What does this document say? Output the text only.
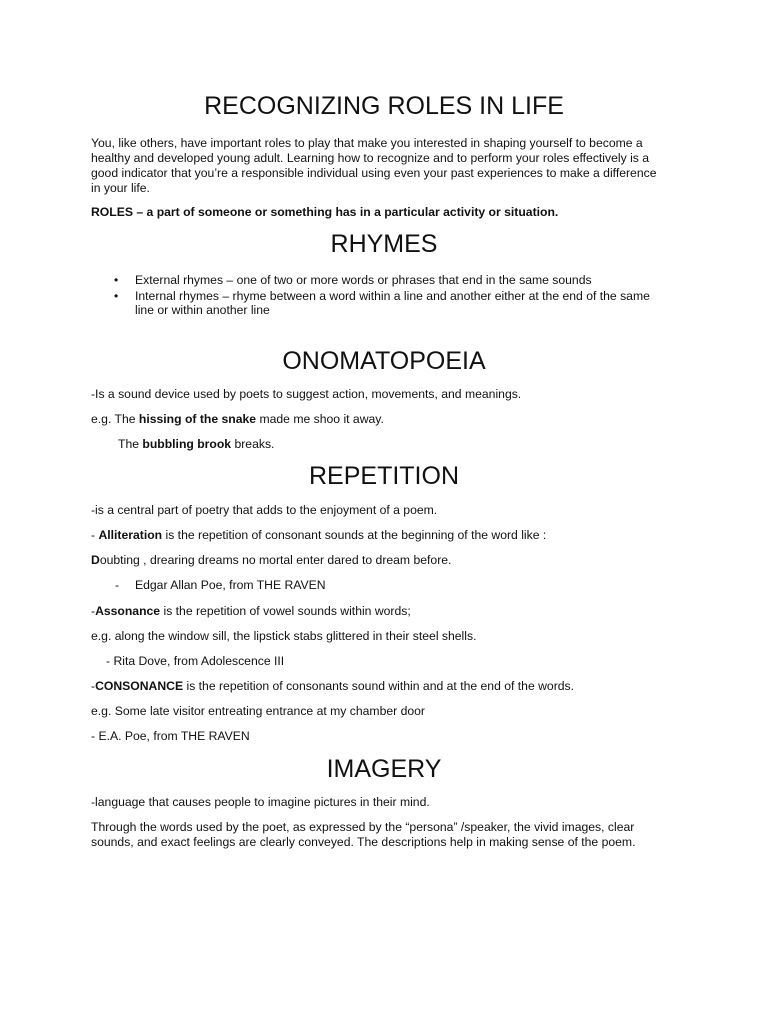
RECOGNIZING ROLES IN LIFE
You, like others, have important roles to play that make you interested in shaping yourself to become a
healthy and developed young adult. Learning how to recognize and to perform your roles effectively is a
good indicator that you’re a responsible individual using even your past experiences to make a difference
in your life.
ROLES – a part of someone or something has in a particular activity or situation.
RHYMES
• External rhymes – one of two or more words or phrases that end in the same sounds
• Internal rhymes – rhyme between a word within a line and another either at the end of the same
line or within another line
ONOMATOPOEIA
-Is a sound device used by poets to suggest action, movements, and meanings.
e.g. The hissing of the snake made me shoo it away.
The bubbling brook breaks.
REPETITION
-is a central part of poetry that adds to the enjoyment of a poem.
- Alliteration is the repetition of consonant sounds at the beginning of the word like :
Doubting , drearing dreams no mortal enter dared to dream before.
- Edgar Allan Poe, from THE RAVEN
-Assonance is the repetition of vowel sounds within words;
e.g. along the window sill, the lipstick stabs glittered in their steel shells.
- Rita Dove, from Adolescence III
-CONSONANCE is the repetition of consonants sound within and at the end of the words.
e.g. Some late visitor entreating entrance at my chamber door
- E.A. Poe, from THE RAVEN
IMAGERY
-language that causes people to imagine pictures in their mind.
Through the words used by the poet, as expressed by the “persona” /speaker, the vivid images, clear
sounds, and exact feelings are clearly conveyed. The descriptions help in making sense of the poem.
